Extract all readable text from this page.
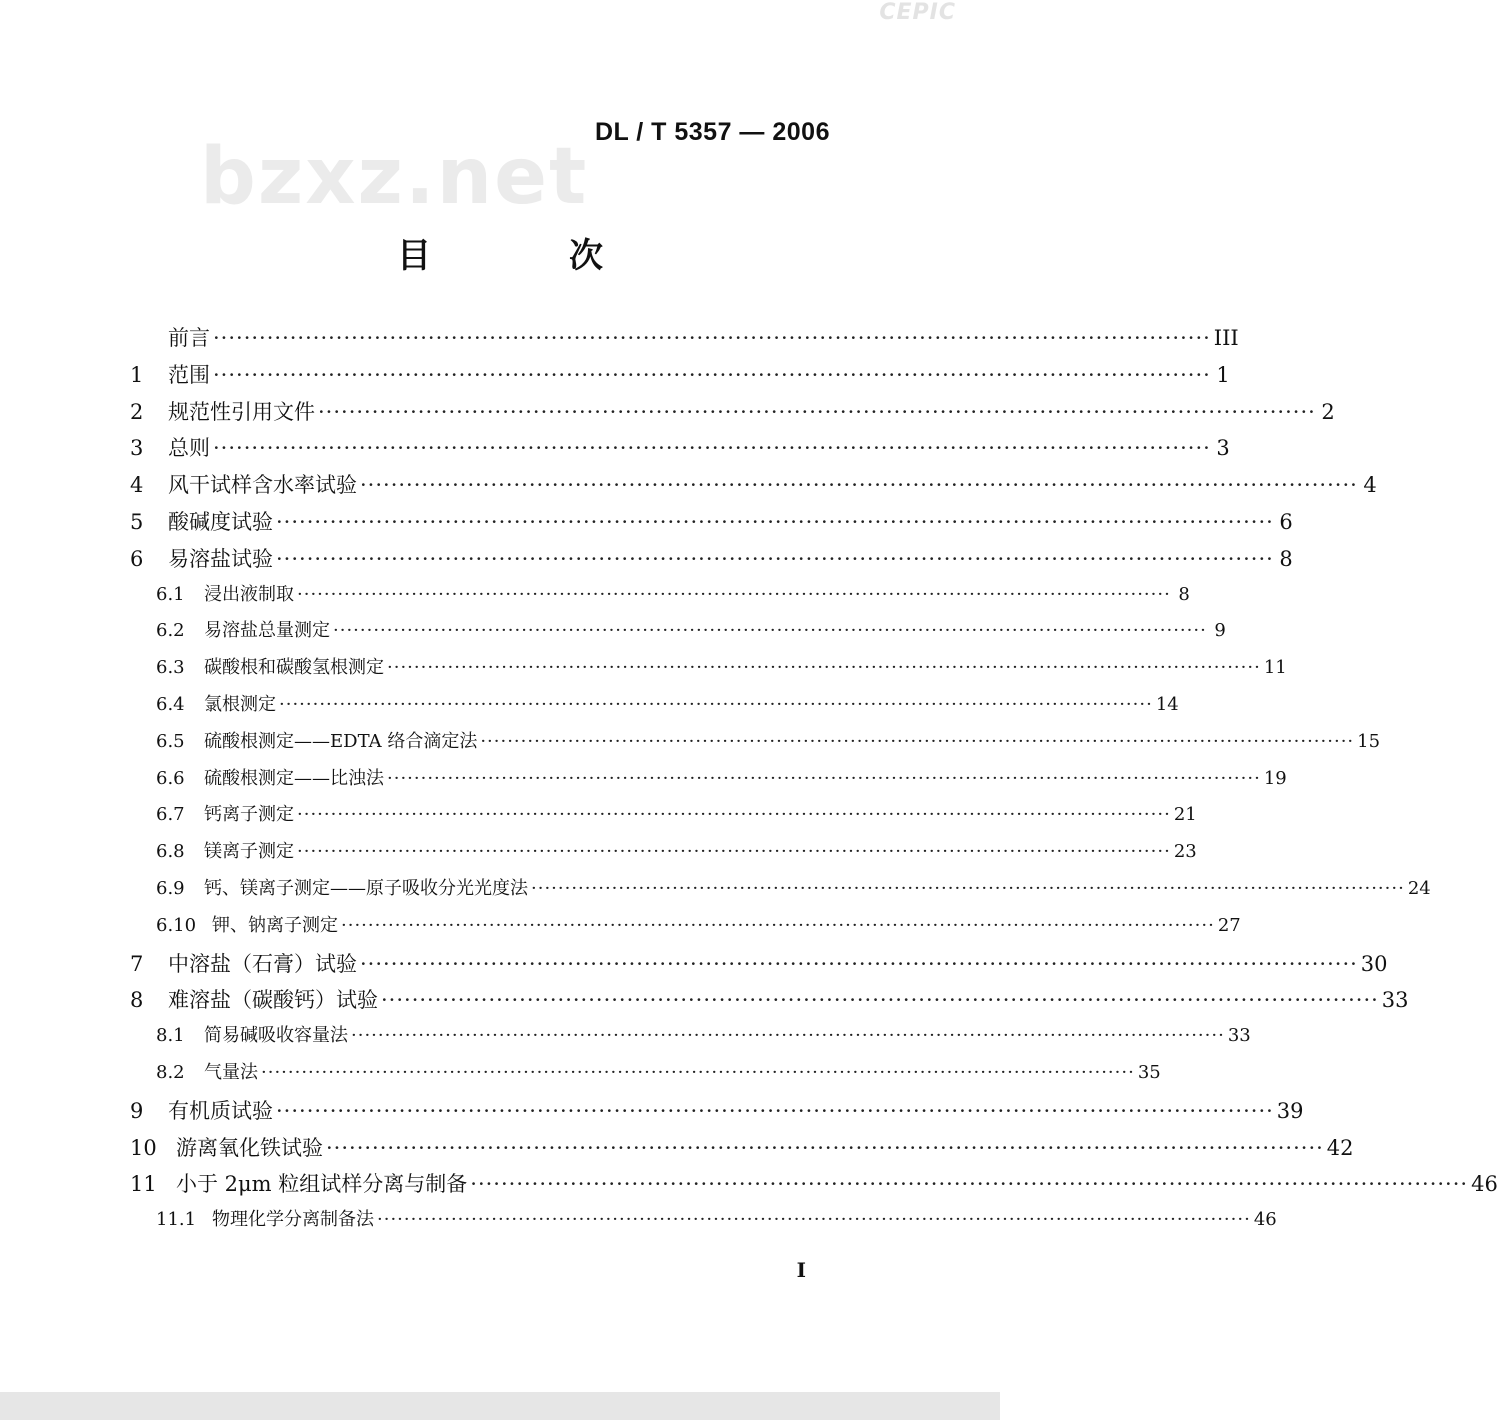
CEPIC
DL / T 5357 — 2006
bzxz.net
目　次
前言 ·································································································································· III
1	范围 ·································································································································· 1
2	规范性引用文件 ·································································································································· 2
3	总则 ·································································································································· 3
4	风干试样含水率试验 ·································································································································· 4
5	酸碱度试验 ·································································································································· 6
6	易溶盐试验 ·································································································································· 8
6.1	浸出液制取 ·································································································································· 8
6.2	易溶盐总量测定 ·································································································································· 9
6.3	碳酸根和碳酸氢根测定 ·································································································································· 11
6.4	氯根测定 ·································································································································· 14
6.5	硫酸根测定——EDTA 络合滴定法 ·································································································································· 15
6.6	硫酸根测定——比浊法 ·································································································································· 19
6.7	钙离子测定 ·································································································································· 21
6.8	镁离子测定 ·································································································································· 23
6.9	钙、镁离子测定——原子吸收分光光度法 ·································································································································· 24
6.10 钾、钠离子测定 ·································································································································· 27
7	中溶盐（石膏）试验 ·································································································································· 30
8	难溶盐（碳酸钙）试验 ·································································································································· 33
8.1	简易碱吸收容量法 ·································································································································· 33
8.2	气量法 ·································································································································· 35
9	有机质试验 ·································································································································· 39
10 游离氧化铁试验 ·································································································································· 42
11 小于 2μm 粒组试样分离与制备 ·································································································································· 46
11.1 物理化学分离制备法 ·································································································································· 46
I
